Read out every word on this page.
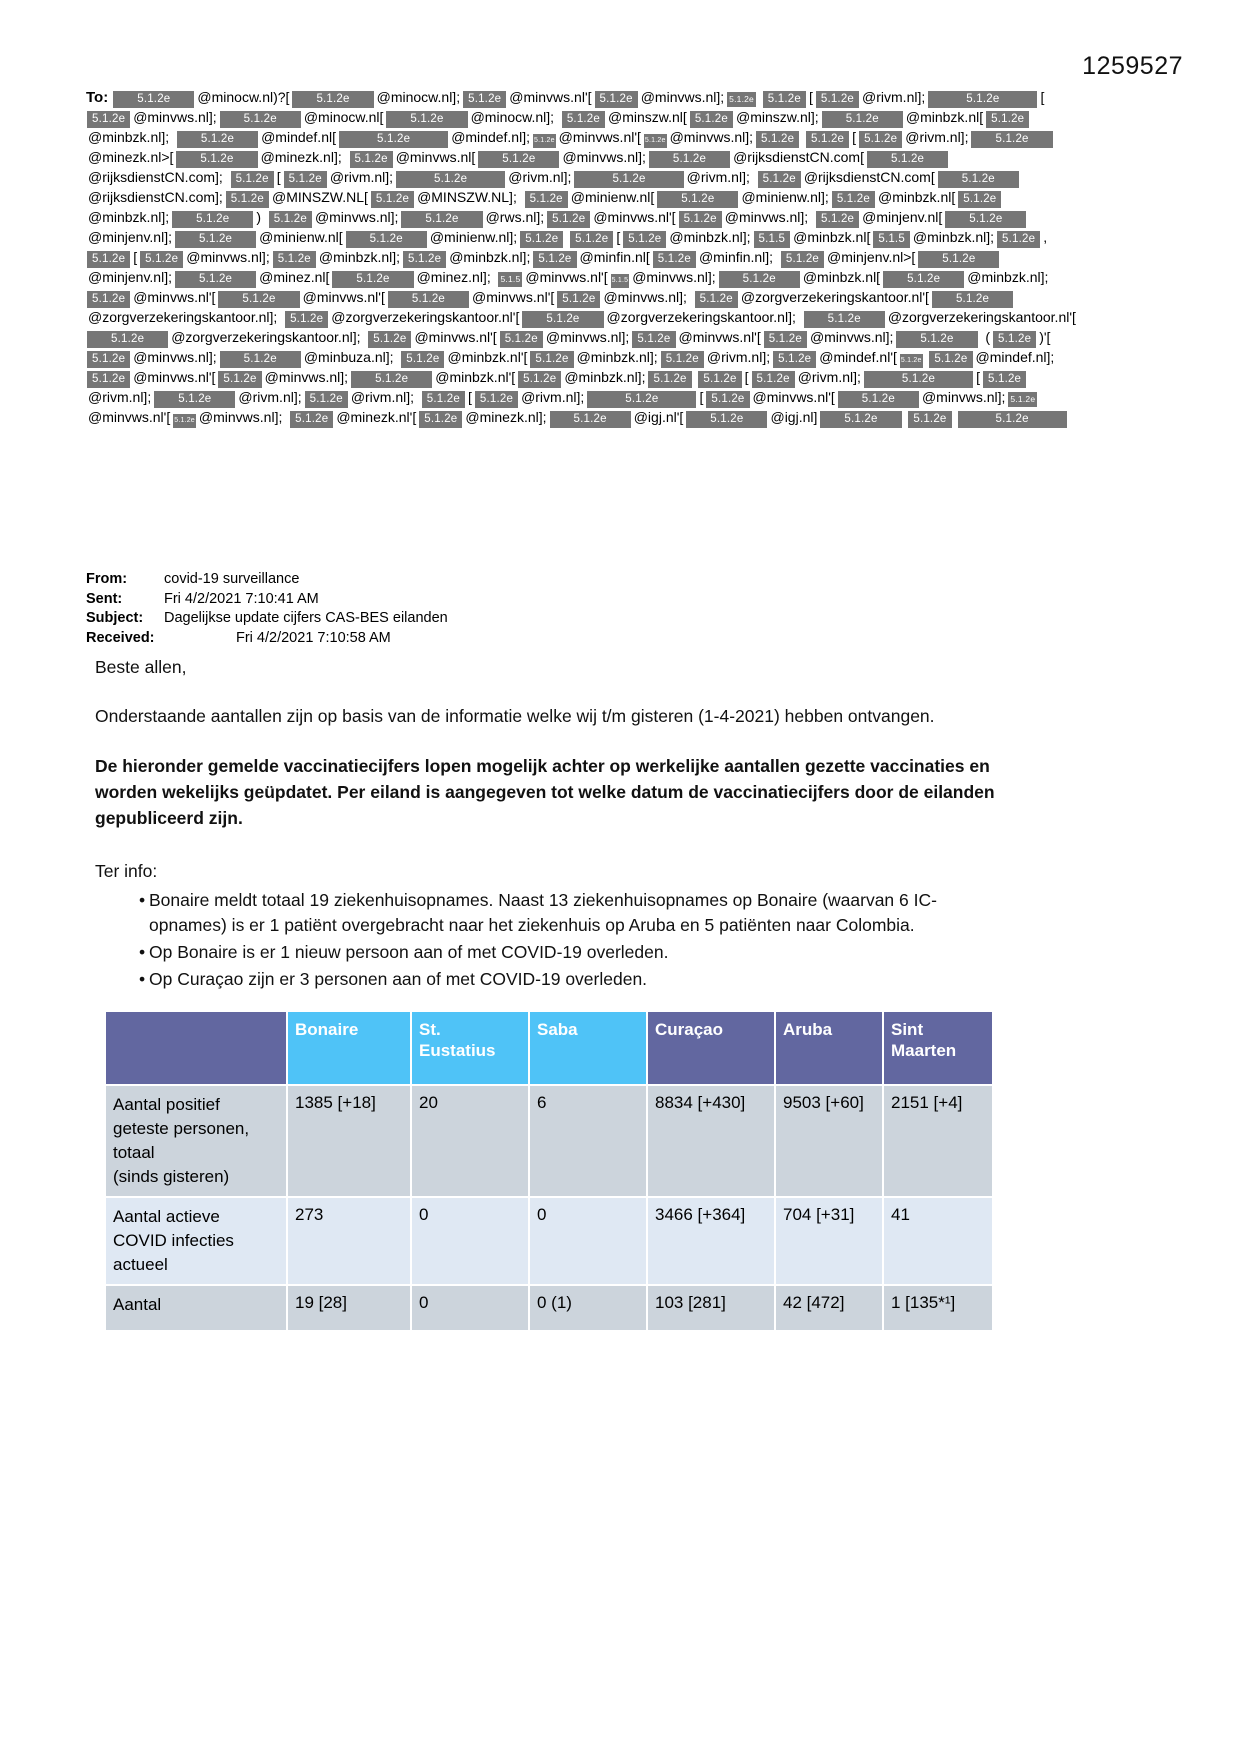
1259527
To:	5.1.2e @minocw.nl)?[ 5.1.2e @minocw.nl]; 5.1.2e @minvws.nl'[ 5.1.2e @minvws.nl]; 5.1.2e 5.1.2e [ 5.1.2e @rivm.nl];	5.1.2e	[5.1.2e @minvws.nl]; 5.1.2e @minocw.nl[ 5.1.2e @minocw.nl]; 5.1.2e @minszw.nl[ 5.1.2e @minszw.nl]; 5.1.2e @minbzk.nl[ 5.1.2e@minbzk.nl];	5.1.2e @mindef.nl[	5.1.2e	@mindef.nl]; 5.1.2e @minvws.nl'[ 5.1.2e @minvws.nl]; 5.1.2e 5.1.2e [ 5.1.2e @rivm.nl]; 5.1.2e@minezk.nl>[ 5.1.2e @minezk.nl]; 5.1.2e @minvws.nl[ 5.1.2e @minvws.nl]; 5.1.2e @rijksdienstCN.com[ 5.1.2e@rijksdienstCN.com]; 5.1.2e [ 5.1.2e @rivm.nl];	5.1.2e	@rivm.nl];	5.1.2e	@rivm.nl]; 5.1.2e @rijksdienstCN.com[ 5.1.2e@rijksdienstCN.com]; 5.1.2e @MINSZW.NL[ 5.1.2e @MINSZW.NL]; 5.1.2e @minienw.nl[ 5.1.2e @minienw.nl]; 5.1.2e @minbzk.nl[ 5.1.2e@minbzk.nl]; 5.1.2e ) 5.1.2e @minvws.nl]; 5.1.2e @rws.nl]; 5.1.2e @minvws.nl'[ 5.1.2e @minvws.nl]; 5.1.2e @minjenv.nl[ 5.1.2e@minjenv.nl]; 5.1.2e @minienw.nl[ 5.1.2e @minienw.nl]; 5.1.2e 5.1.2e [ 5.1.2e @minbzk.nl]; 5.1.5 @minbzk.nl[ 5.1.5 @minbzk.nl]; 5.1.2e , 5.1.2e [ 5.1.2e @minvws.nl]; 5.1.2e @minbzk.nl]; 5.1.2e @minbzk.nl]; 5.1.2e @minfin.nl[ 5.1.2e @minfin.nl]; 5.1.2e @minjenv.nl>[ 5.1.2e@minjenv.nl]; 5.1.2e @minez.nl[ 5.1.2e @minez.nl]; 5.1.5 @minvws.nl'[ 5.1.5 @minvws.nl]; 5.1.2e @minbzk.nl[ 5.1.2e @minbzk.nl]; 5.1.2e @minvws.nl'[ 5.1.2e @minvws.nl'[ 5.1.2e @minvws.nl'[ 5.1.2e @minvws.nl]; 5.1.2e @zorgverzekeringskantoor.nl'[ 5.1.2e@zorgverzekeringskantoor.nl]; 5.1.2e @zorgverzekeringskantoor.nl'[ 5.1.2e @zorgverzekeringskantoor.nl];	5.1.2e @zorgverzekeringskantoor.nl'[5.1.2e @zorgverzekeringskantoor.nl]; 5.1.2e @minvws.nl'[ 5.1.2e @minvws.nl]; 5.1.2e @minvws.nl'[ 5.1.2e @minvws.nl]; 5.1.2e ( 5.1.2e )'[5.1.2e @minvws.nl]; 5.1.2e @minbuza.nl]; 5.1.2e @minbzk.nl'[ 5.1.2e @minbzk.nl]; 5.1.2e @rivm.nl]; 5.1.2e @mindef.nl'[ 5.1.2e 5.1.2e @mindef.nl];5.1.2e @minvws.nl'[ 5.1.2e @minvws.nl]; 5.1.2e @minbzk.nl'[ 5.1.2e @minbzk.nl]; 5.1.2e 5.1.2e [ 5.1.2e @rivm.nl];	5.1.2e	[ 5.1.2e@rivm.nl]; 5.1.2e @rivm.nl]; 5.1.2e @rivm.nl]; 5.1.2e [ 5.1.2e @rivm.nl];	5.1.2e	[ 5.1.2e @minvws.nl'[ 5.1.2e @minvws.nl]; 5.1.2e@minvws.nl'[ 5.1.2e @minvws.nl]; 5.1.2e @minezk.nl'[ 5.1.2e @minezk.nl]; 5.1.2e @igj.nl'[ 5.1.2e @igj.nl] 5.1.2e	5.1.2e	5.1.2e
From:	covid-19 surveillance
Sent:	Fri 4/2/2021 7:10:41 AM
Subject:	Dagelijkse update cijfers CAS-BES eilanden
Received:	Fri 4/2/2021 7:10:58 AM

Beste allen,

Onderstaande aantallen zijn op basis van de informatie welke wij t/m gisteren (1-4-2021) hebben ontvangen.

De hieronder gemelde vaccinatiecijfers lopen mogelijk achter op werkelijke aantallen gezette vaccinaties en worden wekelijks geüpdatet. Per eiland is aangegeven tot welke datum de vaccinatiecijfers door de eilanden gepubliceerd zijn.

Ter info:

• Bonaire meldt totaal 19 ziekenhuisopnames. Naast 13 ziekenhuisopnames op Bonaire (waarvan 6 IC-opnames) is er 1 patiënt overgebracht naar het ziekenhuis op Aruba en 5 patiënten naar Colombia.
• Op Bonaire is er 1 nieuw persoon aan of met COVID-19 overleden.
• Op Curaçao zijn er 3 personen aan of met COVID-19 overleden.
	Bonaire	St. Eustatius	Saba	Curaçao	Aruba	Sint Maarten
Aantal positief geteste personen, totaal
(sinds gisteren)	1385 [+18]	20	6	8834 [+430]	9503 [+60]	2151 [+4]
Aantal actieve COVID infecties actueel	273	0	0	3466 [+364]	704 [+31]	41
Aantal	19 [28]	0	0 (1)	103 [281]	42 [472]	1 [135*¹]
